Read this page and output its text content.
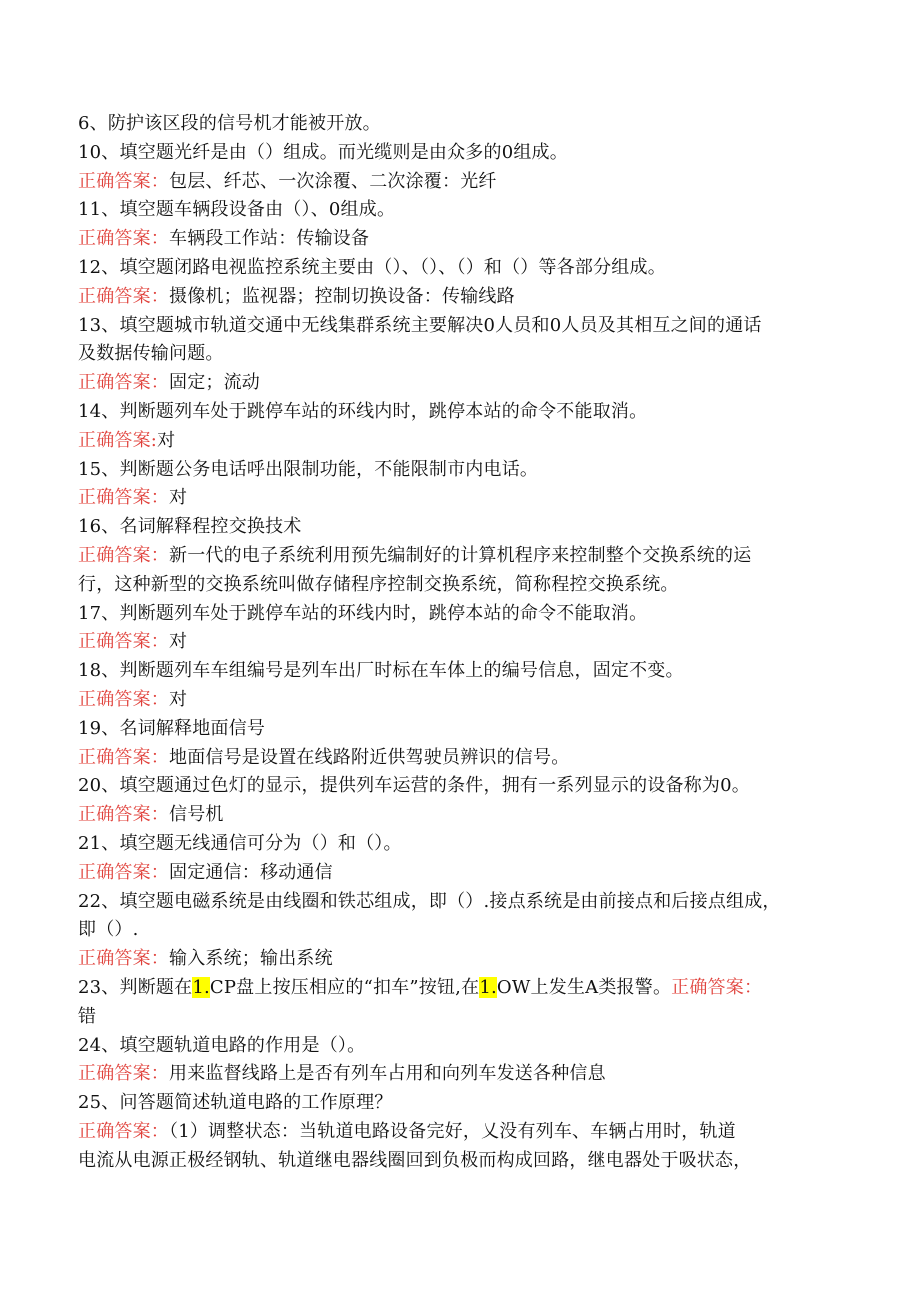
6、防护该区段的信号机才能被开放。
10、填空题光纤是由（）组成。而光缆则是由众多的0组成。
正确答案：包层、纤芯、一次涂覆、二次涂覆：光纤
11、填空题车辆段设备由（）、0组成。
正确答案：车辆段工作站：传输设备
12、填空题闭路电视监控系统主要由（）、（）、（）和（）等各部分组成。
正确答案：摄像机；监视器；控制切换设备：传输线路
13、填空题城市轨道交通中无线集群系统主要解决0人员和0人员及其相互之间的通话
及数据传输问题。
正确答案：固定；流动
14、判断题列车处于跳停车站的环线内时，跳停本站的命令不能取消。
正确答案:对
15、判断题公务电话呼出限制功能，不能限制市内电话。
正确答案：对
16、名词解释程控交换技术
正确答案：新一代的电子系统利用预先编制好的计算机程序来控制整个交换系统的运
行，这种新型的交换系统叫做存储程序控制交换系统，简称程控交换系统。
17、判断题列车处于跳停车站的环线内时，跳停本站的命令不能取消。
正确答案：对
18、判断题列车车组编号是列车出厂时标在车体上的编号信息，固定不变。
正确答案：对
19、名词解释地面信号
正确答案：地面信号是设置在线路附近供驾驶员辨识的信号。
20、填空题通过色灯的显示，提供列车运营的条件，拥有一系列显示的设备称为0。
正确答案：信号机
21、填空题无线通信可分为（）和（）。
正确答案：固定通信：移动通信
22、填空题电磁系统是由线圈和铁芯组成，即（）.接点系统是由前接点和后接点组成，
即（）.
正确答案：输入系统；输出系统
23、判断题在1.CP盘上按压相应的“扣车”按钮,在1.OW上发生A类报警。正确答案：
错
24、填空题轨道电路的作用是（）。
正确答案：用来监督线路上是否有列车占用和向列车发送各种信息
25、问答题简述轨道电路的工作原理？
正确答案：（1）调整状态：当轨道电路设备完好，乂没有列车、车辆占用时，轨道
电流从电源正极经钢轨、轨道继电器线圈回到负极而构成回路，继电器处于吸状态，
